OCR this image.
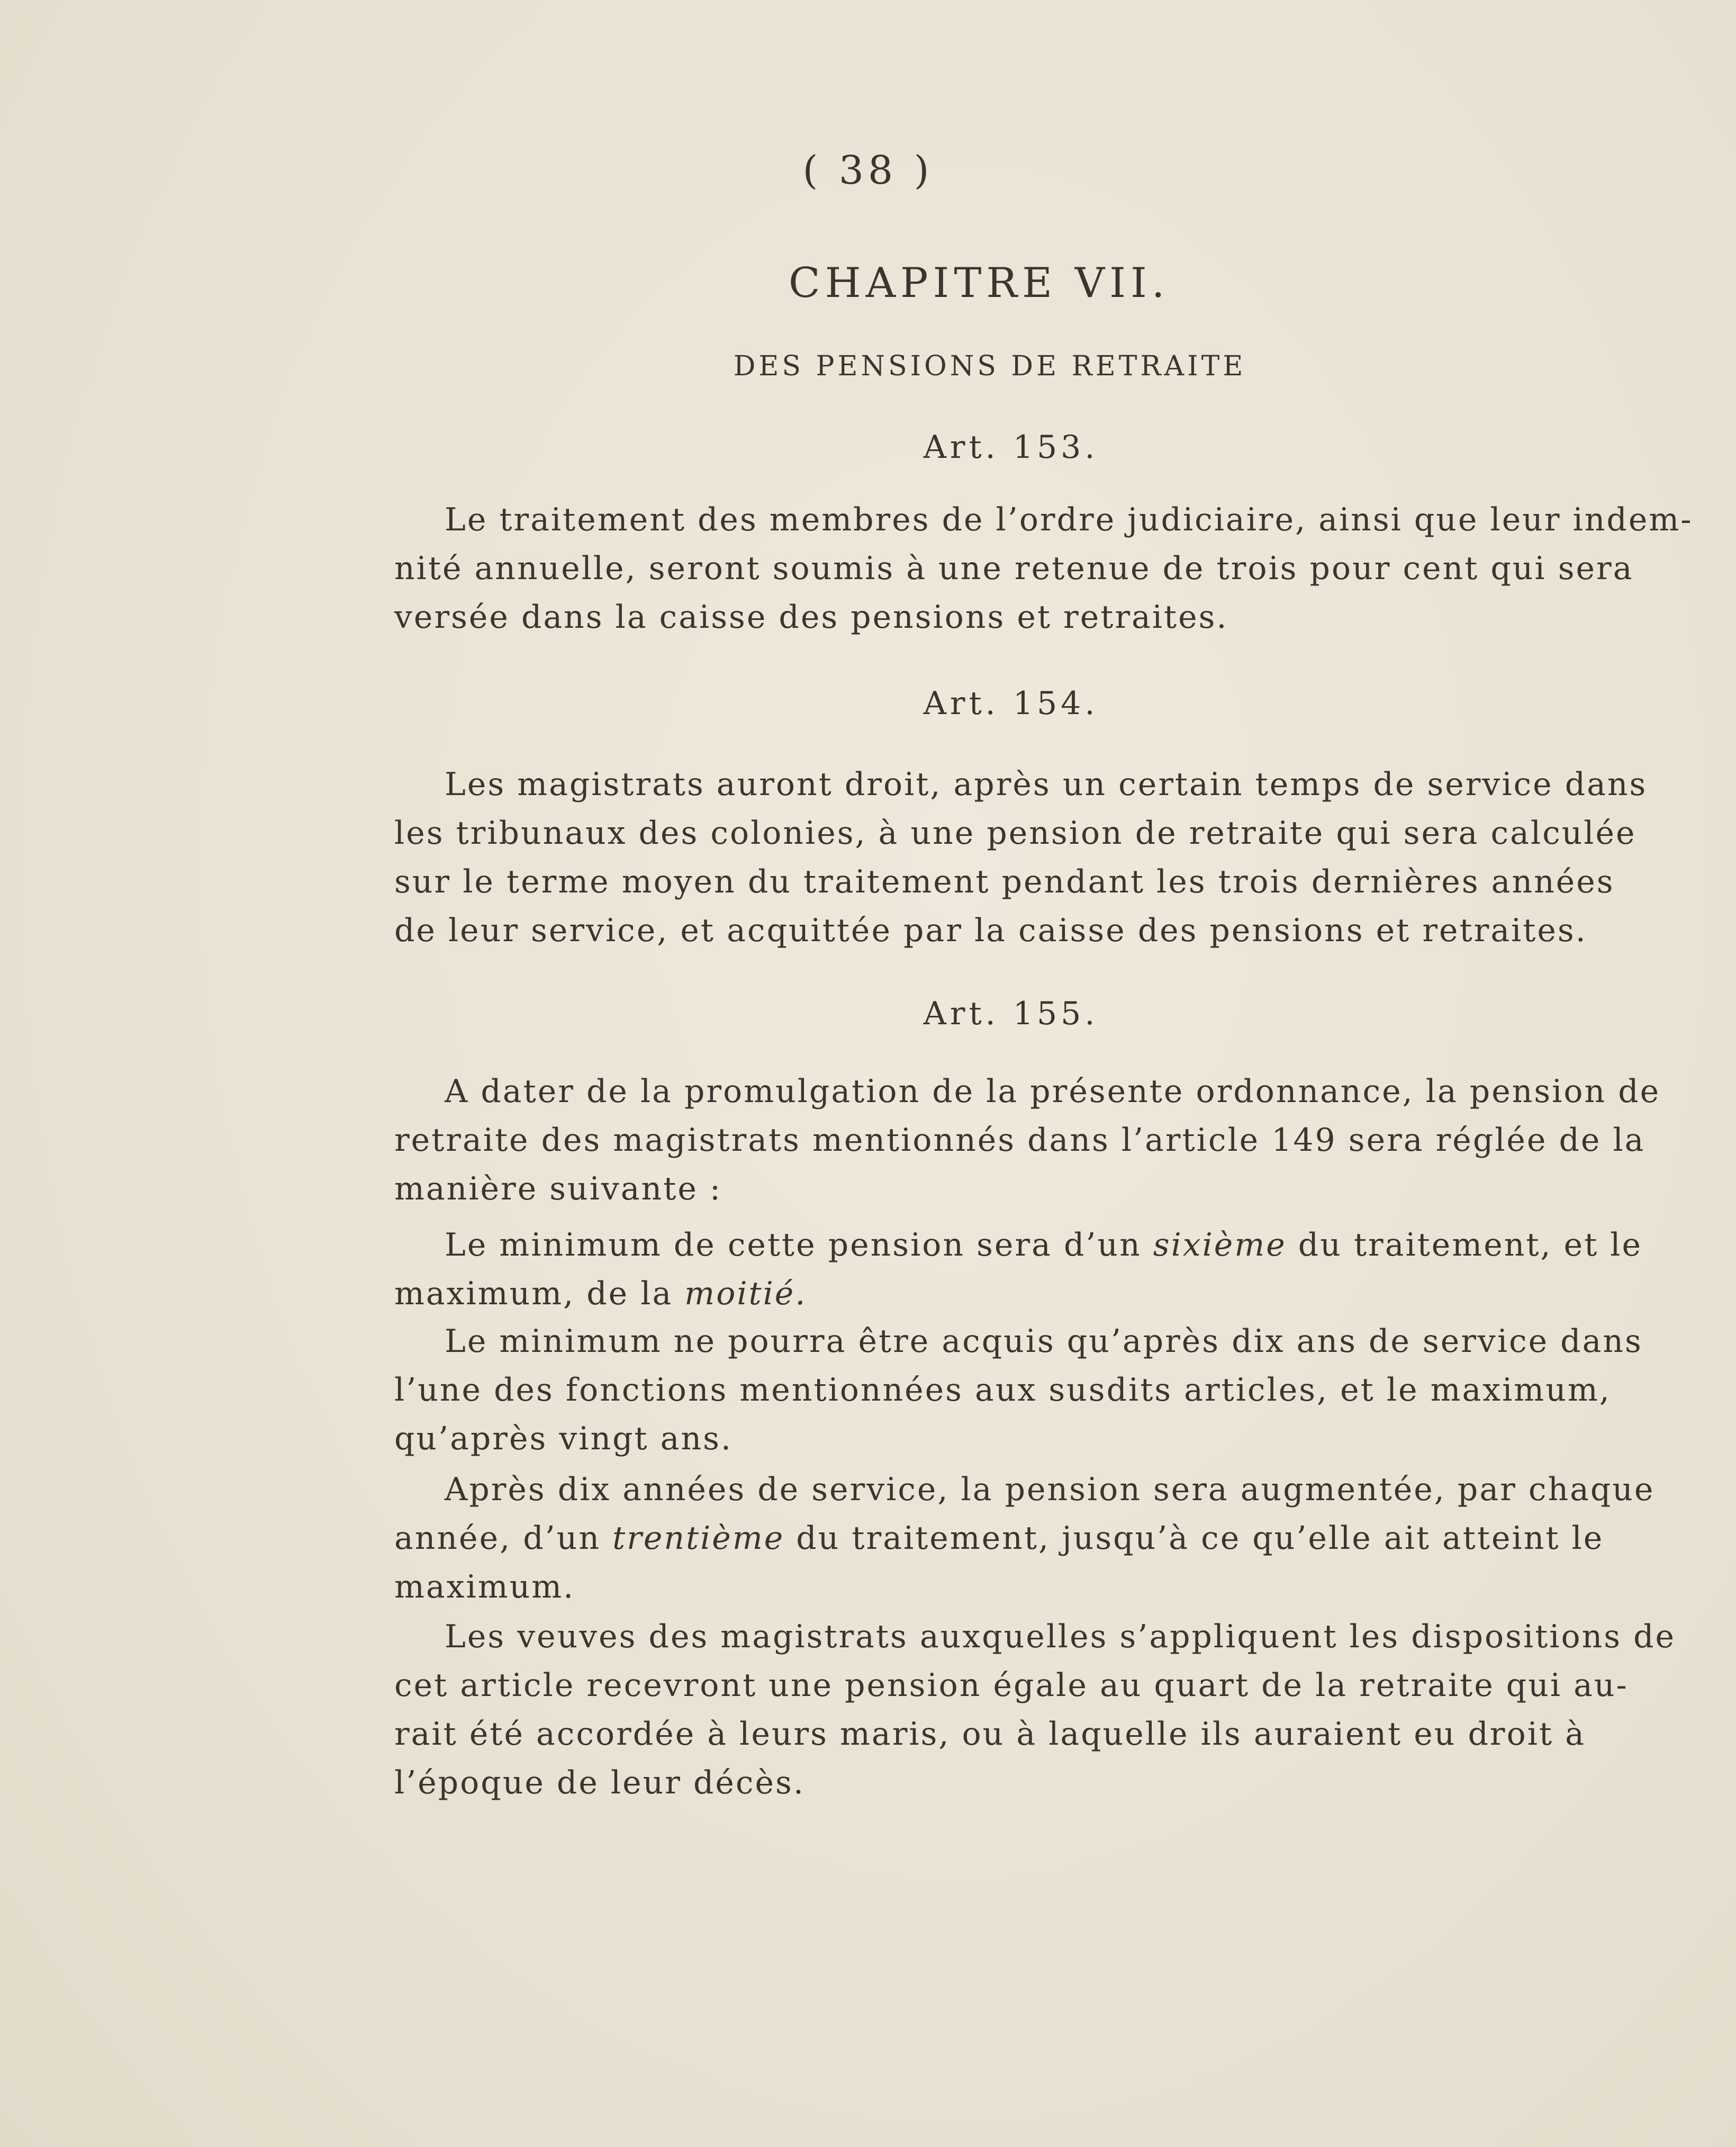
( 38 )
CHAPITRE VII.
DES PENSIONS DE RETRAITE
Art. 153.
Le traitement des membres de l’ordre judiciaire, ainsi que leur indem-
nité annuelle, seront soumis à une retenue de trois pour cent qui sera
versée dans la caisse des pensions et retraites.
Art. 154.
Les magistrats auront droit, après un certain temps de service dans
les tribunaux des colonies, à une pension de retraite qui sera calculée
sur le terme moyen du traitement pendant les trois dernières années
de leur service, et acquittée par la caisse des pensions et retraites.
Art. 155.
A dater de la promulgation de la présente ordonnance, la pension de
retraite des magistrats mentionnés dans l’article 149 sera réglée de la
manière suivante :
Le minimum de cette pension sera d’un sixième du traitement, et le
maximum, de la moitié.
Le minimum ne pourra être acquis qu’après dix ans de service dans
l’une des fonctions mentionnées aux susdits articles, et le maximum,
qu’après vingt ans.
Après dix années de service, la pension sera augmentée, par chaque
année, d’un trentième du traitement, jusqu’à ce qu’elle ait atteint le
maximum.
Les veuves des magistrats auxquelles s’appliquent les dispositions de
cet article recevront une pension égale au quart de la retraite qui au-
rait été accordée à leurs maris, ou à laquelle ils auraient eu droit à
l’époque de leur décès.
